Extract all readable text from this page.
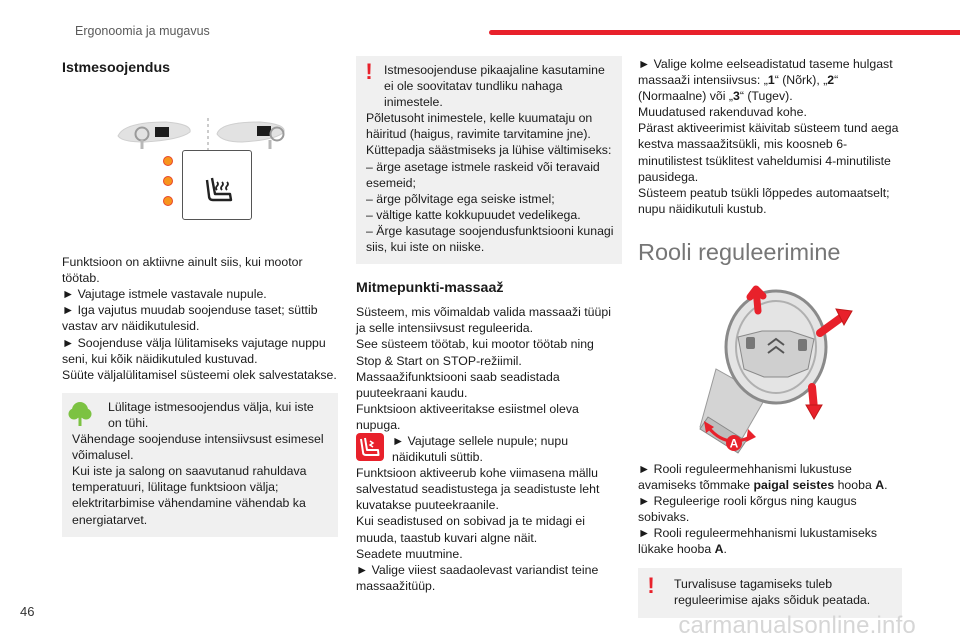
Ergonoomia ja mugavus

Istmesoojendus

Funktsioon on aktiivne ainult siis, kui mootor töötab.

► Vajutage istmele vastavale nupule.

► Iga vajutus muudab soojenduse taset; süttib vastav arv näidikutulesid.

► Soojenduse välja lülitamiseks vajutage nuppu seni, kui kõik näidikutuled kustuvad.

Süüte väljalülitamisel süsteemi olek salvestatakse.

Lülitage istmesoojendus välja, kui iste on tühi.

Vähendage soojenduse intensiivsust esimesel võimalusel.

Kui iste ja salong on saavutanud rahuldava temperatuuri, lülitage funktsioon välja; elektritarbimise vähendamine vähendab ka energiatarvet.

! Istmesoojenduse pikaajaline kasutamine ei ole soovitatav tundliku nahaga inimestele.

Põletusoht inimestele, kelle kuumataju on häiritud (haigus, ravimite tarvitamine jne).

Küttepadja säästmiseks ja lühise vältimiseks:

– ärge asetage istmele raskeid või teravaid esemeid;

– ärge põlvitage ega seiske istmel;

– vältige katte kokkupuudet vedelikega.

– Ärge kasutage soojendusfunktsiooni kunagi siis, kui iste on niiske.

Mitmepunkti-massaaž

Süsteem, mis võimaldab valida massaaži tüüpi ja selle intensiivsust reguleerida.

See süsteem töötab, kui mootor töötab ning Stop & Start on STOP-režiimil.

Massaažifunktsiooni saab seadistada puuteekraani kaudu.

Funktsioon aktiveeritakse esiistmel oleva nupuga.

► Vajutage sellele nupule; nupu näidikutuli süttib.

Funktsioon aktiveerub kohe viimasena mällu salvestatud seadistustega ja seadistuste leht kuvatakse puuteekraanile.

Kui seadistused on sobivad ja te midagi ei muuda, taastub kuvari algne näit.

Seadete muutmine.

► Valige viiest saadaolevast variandist teine massaažitüüp.

► Valige kolme eelseadistatud taseme hulgast massaaži intensiivsus: „1“ (Nõrk), „2“ (Normaalne) või „3“ (Tugev).

Muudatused rakenduvad kohe.

Pärast aktiveerimist käivitab süsteem tund aega kestva massaažitsükli, mis koosneb 6-minutilistest tsüklitest vaheldumisi 4-minutiliste pausidega.

Süsteem peatub tsükli lõppedes automaatselt; nupu näidikutuli kustub.

Rooli reguleerimine

A

► Rooli reguleermehhanismi lukustuse avamiseks tõmmake paigal seistes hooba A.

► Reguleerige rooli kõrgus ning kaugus sobivaks.

► Rooli reguleermehhanismi lukustamiseks lükake hooba A.

!	Turvalisuse tagamiseks tuleb reguleerimise ajaks sõiduk peatada.

46
carmanualsonline.info
